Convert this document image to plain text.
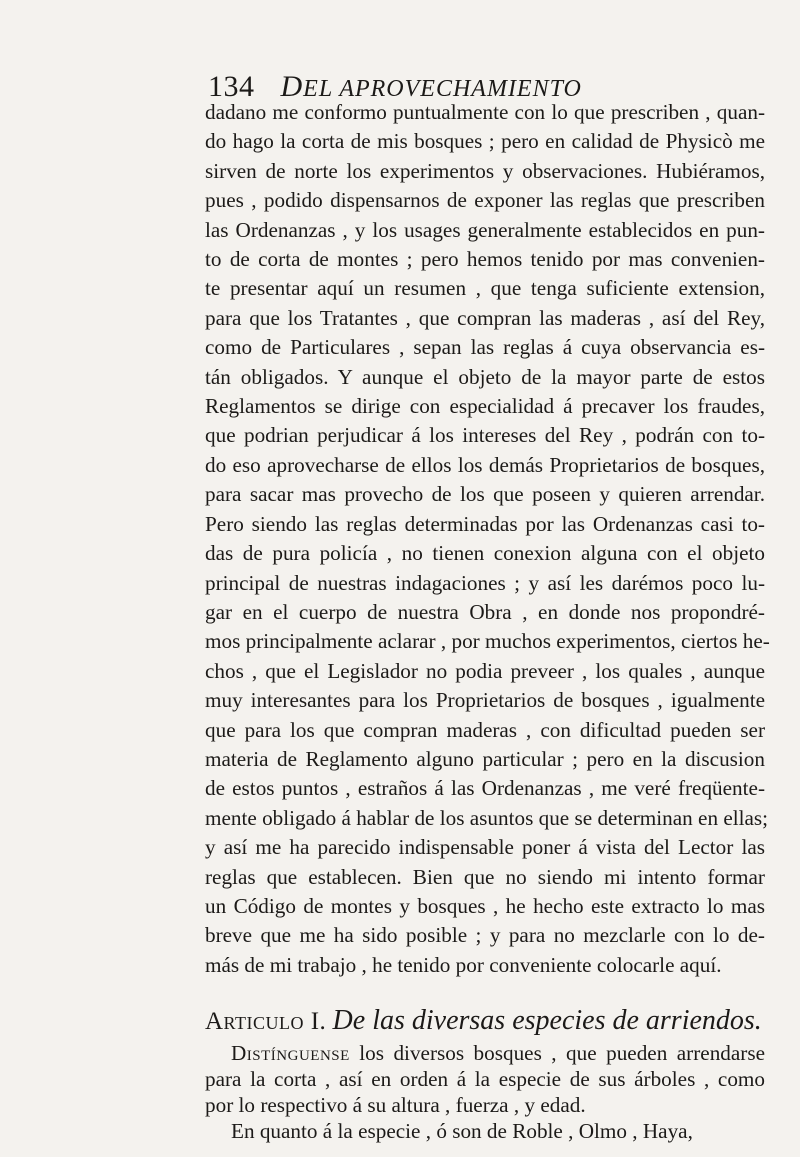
134 DEL APROVECHAMIENTO
dadano me conformo puntualmente con lo que prescriben , quan-
do hago la corta de mis bosques ; pero en calidad de Physicò me
sirven de norte los experimentos y observaciones. Hubiéramos,
pues , podido dispensarnos de exponer las reglas que prescriben
las Ordenanzas , y los usages generalmente establecidos en pun-
to de corta de montes ; pero hemos tenido por mas convenien-
te presentar aquí un resumen , que tenga suficiente extension,
para que los Tratantes , que compran las maderas , así del Rey,
como de Particulares , sepan las reglas á cuya observancia es-
tán obligados. Y aunque el objeto de la mayor parte de estos
Reglamentos se dirige con especialidad á precaver los fraudes,
que podrian perjudicar á los intereses del Rey , podrán con to-
do eso aprovecharse de ellos los demás Proprietarios de bosques,
para sacar mas provecho de los que poseen y quieren arrendar.
Pero siendo las reglas determinadas por las Ordenanzas casi to-
das de pura policía , no tienen conexion alguna con el objeto
principal de nuestras indagaciones ; y así les darémos poco lu-
gar en el cuerpo de nuestra Obra , en donde nos propondré-
mos principalmente aclarar , por muchos experimentos, ciertos he-
chos , que el Legislador no podia preveer , los quales , aunque
muy interesantes para los Proprietarios de bosques , igualmente
que para los que compran maderas , con dificultad pueden ser
materia de Reglamento alguno particular ; pero en la discusion
de estos puntos , estraños á las Ordenanzas , me veré freqüente-
mente obligado á hablar de los asuntos que se determinan en ellas;
y así me ha parecido indispensable poner á vista del Lector las
reglas que establecen. Bien que no siendo mi intento formar
un Código de montes y bosques , he hecho este extracto lo mas
breve que me ha sido posible ; y para no mezclarle con lo de-
más de mi trabajo , he tenido por conveniente colocarle aquí.
Articulo I. De las diversas especies de arriendos.
Distínguense los diversos bosques , que pueden arrendarse
para la corta , así en orden á la especie de sus árboles , como
por lo respectivo á su altura , fuerza , y edad.
En quanto á la especie , ó son de Roble , Olmo , Haya,
